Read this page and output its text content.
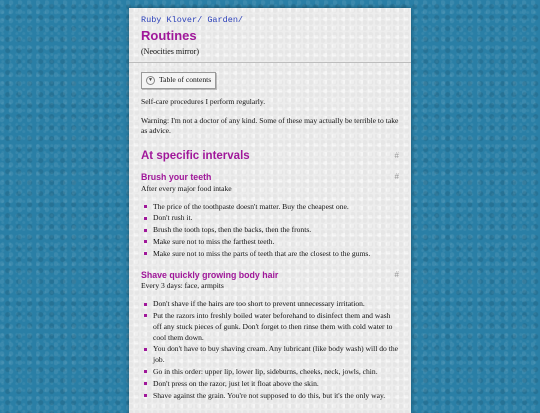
Ruby Klover/ Garden/
Routines
(Neocities mirror)
▼ Table of contents

Self-care procedures I perform regularly.

Warning: I'm not a doctor of any kind. Some of these may actually be terrible to take as advice.

At specific intervals	#
Brush your teeth	#
After every major food intake
The price of the toothpaste doesn't matter. Buy the cheapest one.
Don't rush it.
Brush the tooth tops, then the backs, then the fronts.
Make sure not to miss the farthest teeth.
Make sure not to miss the parts of teeth that are the closest to the gums.
Shave quickly growing body hair	#
Every 3 days: face, armpits
Don't shave if the hairs are too short to prevent unnecessary irritation.
Put the razors into freshly boiled water beforehand to disinfect them and wash off any stuck pieces of gunk. Don't forget to then rinse them with cold water to cool them down.
You don't have to buy shaving cream. Any lubricant (like body wash) will do the job.
Go in this order: upper lip, lower lip, sideburns, cheeks, neck, jowls, chin.
Don't press on the razor, just let it float above the skin.
Shave against the grain. You're not supposed to do this, but it's the only way.
